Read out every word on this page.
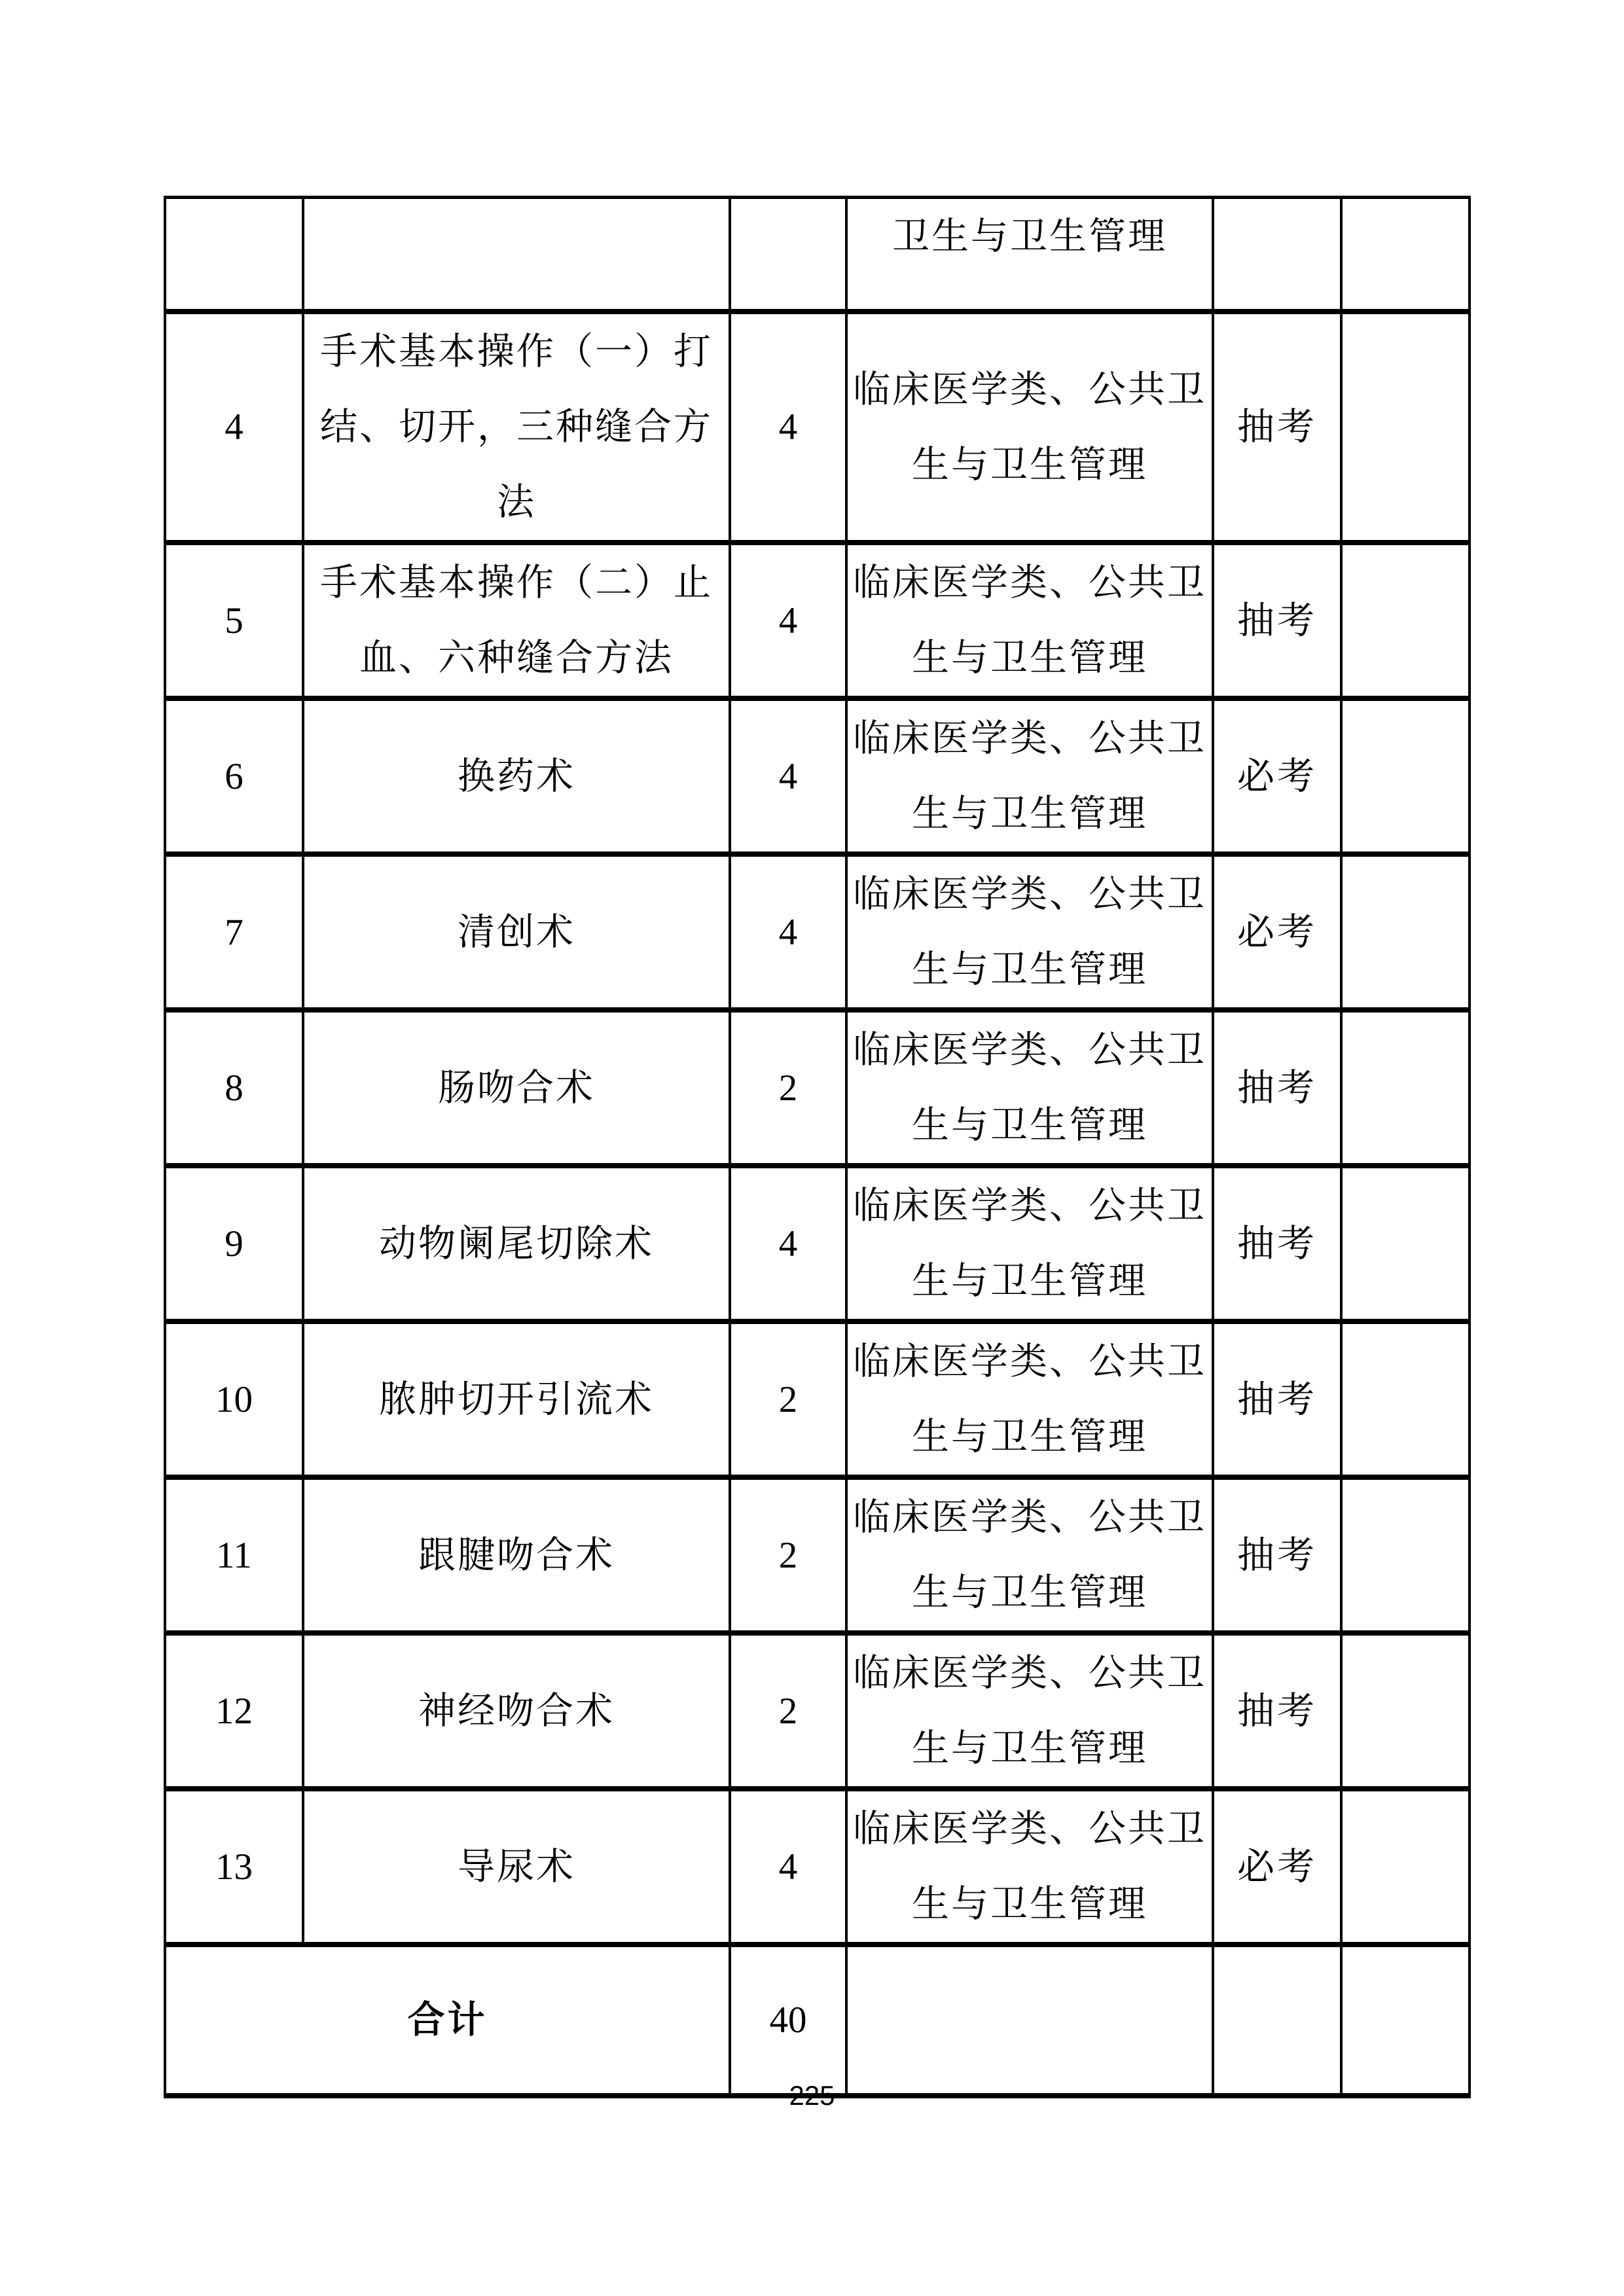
			卫生与卫生管理		
4	手术基本操作（一）打结、切开，三种缝合方法	4	临床医学类、公共卫生与卫生管理	抽考	
5	手术基本操作（二）止血、六种缝合方法	4	临床医学类、公共卫生与卫生管理	抽考	
6	换药术	4	临床医学类、公共卫生与卫生管理	必考	
7	清创术	4	临床医学类、公共卫生与卫生管理	必考	
8	肠吻合术	2	临床医学类、公共卫生与卫生管理	抽考	
9	动物阑尾切除术	4	临床医学类、公共卫生与卫生管理	抽考	
10	脓肿切开引流术	2	临床医学类、公共卫生与卫生管理	抽考	
11	跟腱吻合术	2	临床医学类、公共卫生与卫生管理	抽考	
12	神经吻合术	2	临床医学类、公共卫生与卫生管理	抽考	
13	导尿术	4	临床医学类、公共卫生与卫生管理	必考	
合计		40			
225
